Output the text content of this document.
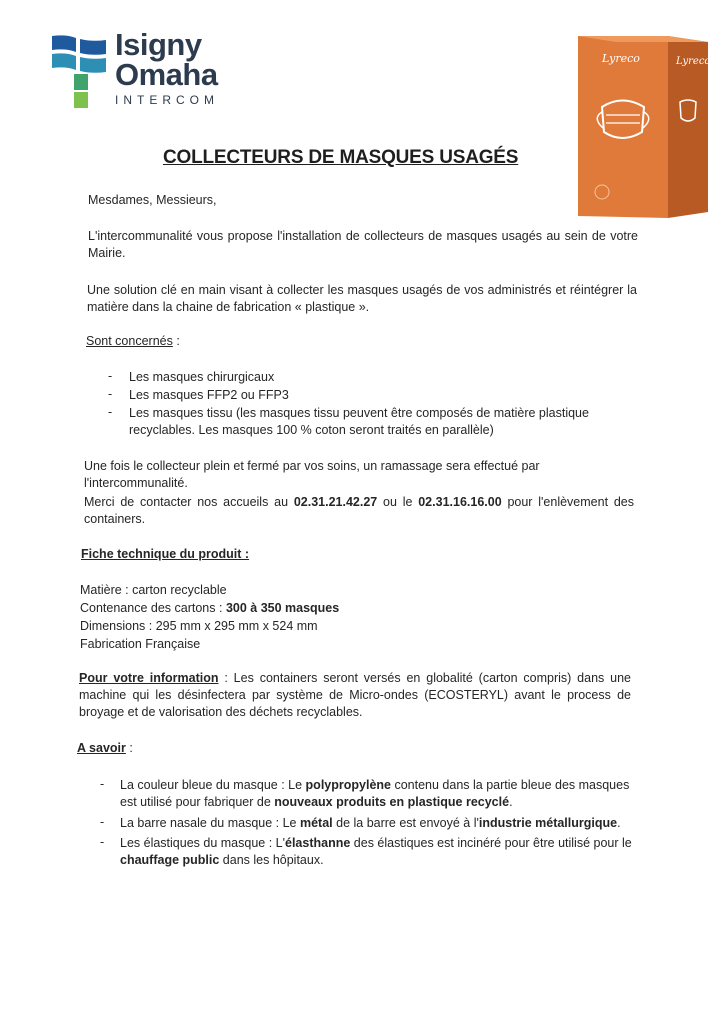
Isigny
Omaha
INTERCOM
Lyreco	Lyreco
COLLECTEURS DE MASQUES USAGÉS

Mesdames, Messieurs,

L'intercommunalité vous propose l'installation de collecteurs de masques usagés au sein de votre Mairie.

Une solution clé en main visant à collecter les masques usagés de vos administrés et réintégrer la matière dans la chaine de fabrication « plastique ».

Sont concernés :

- Les masques chirurgicaux

- Les masques FFP2 ou FFP3

- Les masques tissu (les masques tissu peuvent être composés de matière plastique recyclables. Les masques 100 % coton seront traités en parallèle)

Une fois le collecteur plein et fermé par vos soins, un ramassage sera effectué par l'intercommunalité.

Merci de contacter nos accueils au 02.31.21.42.27 ou le 02.31.16.16.00 pour l'enlèvement des containers.

Fiche technique du produit :

Matière : carton recyclable

Contenance des cartons : 300 à 350 masques

Dimensions : 295 mm x 295 mm x 524 mm

Fabrication Française

Pour votre information : Les containers seront versés en globalité (carton compris) dans une machine qui les désinfectera par système de Micro-ondes (ECOSTERYL) avant le process de broyage et de valorisation des déchets recyclables.

A savoir :

- La couleur bleue du masque : Le polypropylène contenu dans la partie bleue des masques est utilisé pour fabriquer de nouveaux produits en plastique recyclé.

- La barre nasale du masque : Le métal de la barre est envoyé à l'industrie métallurgique.

- Les élastiques du masque : L'élasthanne des élastiques est incinéré pour être utilisé pour le chauffage public dans les hôpitaux.
